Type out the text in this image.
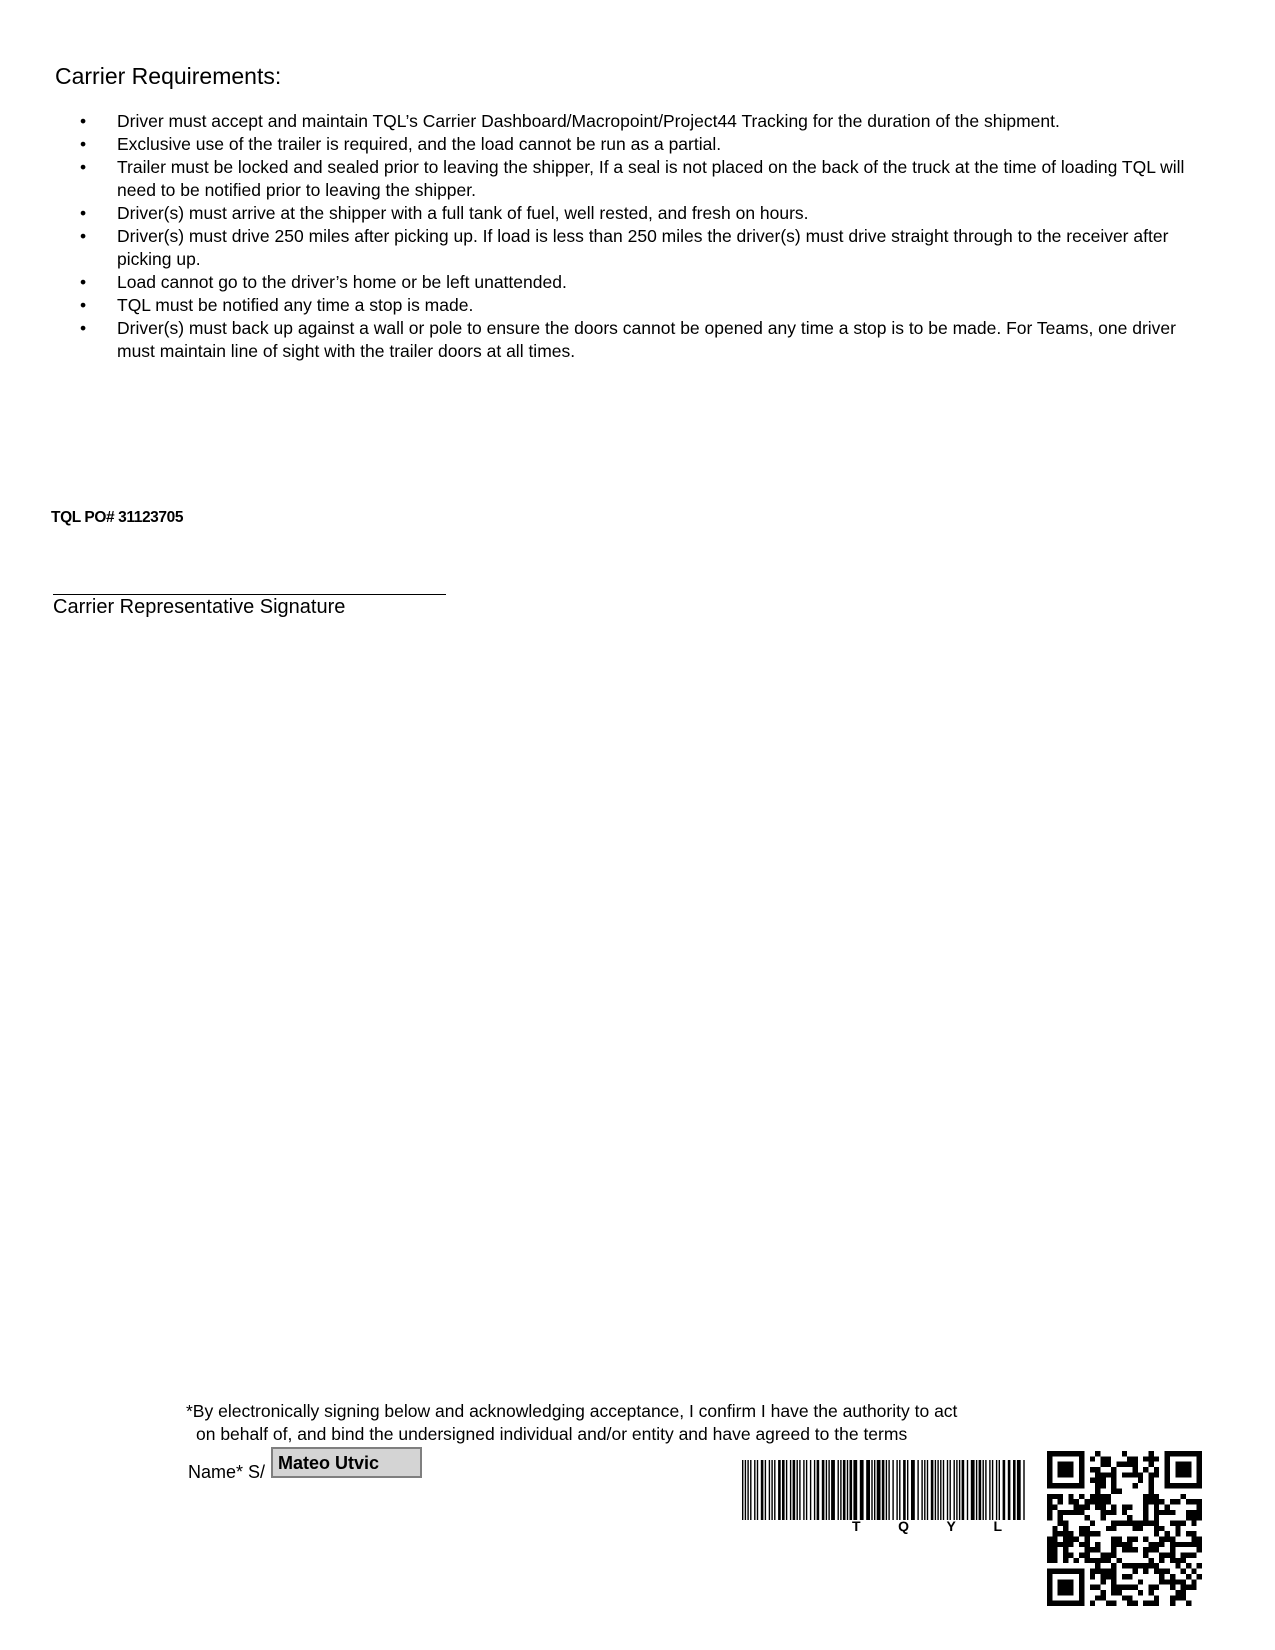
Carrier Requirements:
• Driver must accept and maintain TQL’s Carrier Dashboard/Macropoint/Project44 Tracking for the duration of the shipment.
• Exclusive use of the trailer is required, and the load cannot be run as a partial.
• Trailer must be locked and sealed prior to leaving the shipper, If a seal is not placed on the back of the truck at the time of loading TQL will need to be notified prior to leaving the shipper.
• Driver(s) must arrive at the shipper with a full tank of fuel, well rested, and fresh on hours.
• Driver(s) must drive 250 miles after picking up. If load is less than 250 miles the driver(s) must drive straight through to the receiver after picking up.
• Load cannot go to the driver’s home or be left unattended.
• TQL must be notified any time a stop is made.
• Driver(s) must back up against a wall or pole to ensure the doors cannot be opened any time a stop is to be made. For Teams, one driver must maintain line of sight with the trailer doors at all times.
TQL PO# 31123705
Carrier Representative Signature
*By electronically signing below and acknowledging acceptance, I confirm I have the authority to act
on behalf of, and bind the undersigned individual and/or entity and have agreed to the terms
Name* S/ Mateo Utvic
T	Q	Y	L
